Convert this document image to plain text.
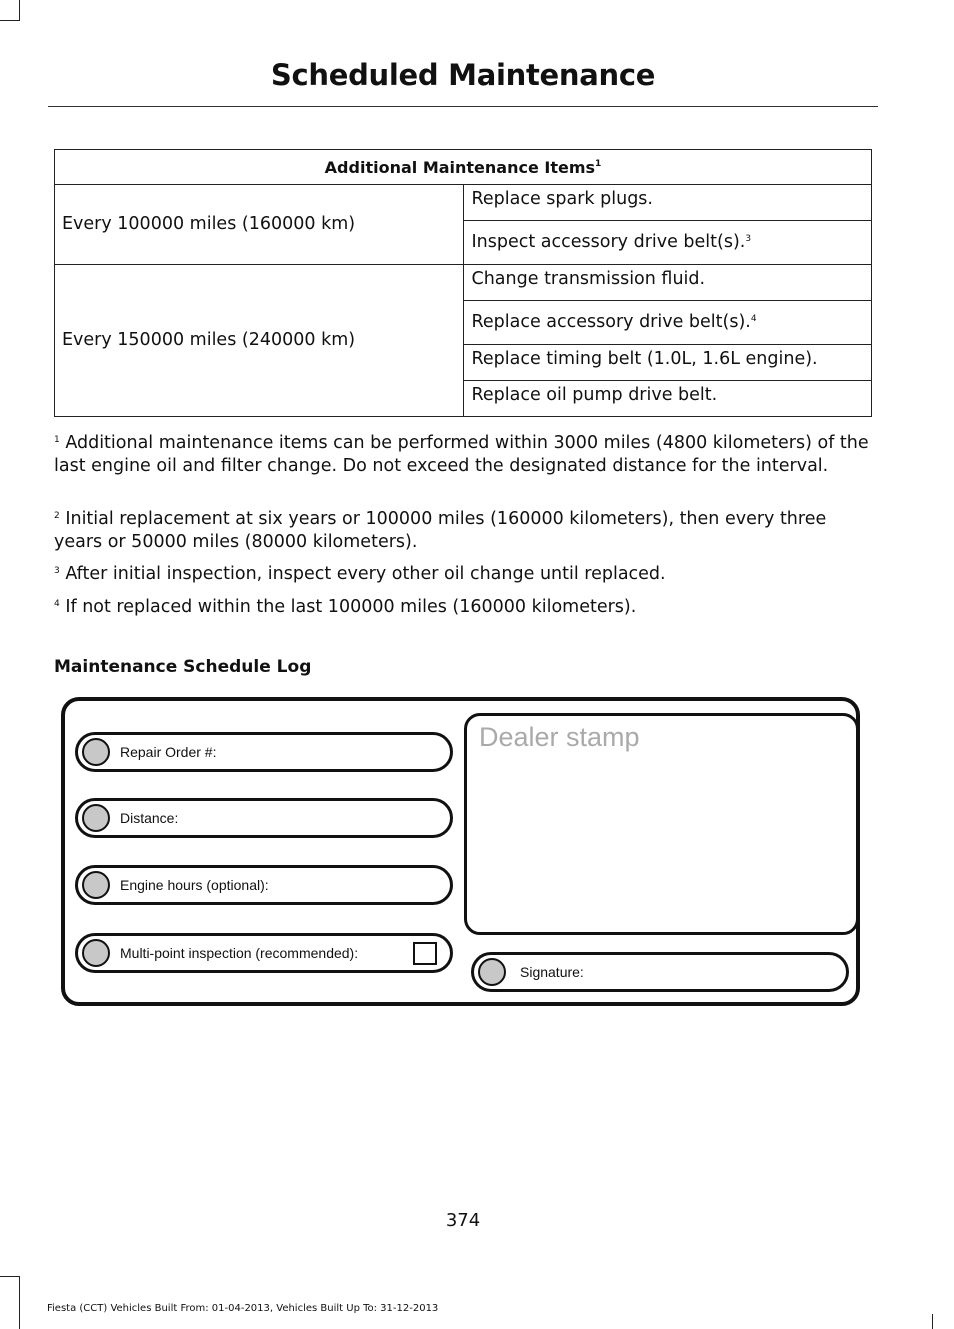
Scheduled Maintenance
Additional Maintenance Items$^1$
Every 100000 miles (160000 km)	Replace spark plugs.
	Inspect accessory drive belt(s).$^3$
Every 150000 miles (240000 km)	Change transmission fluid.
	Replace accessory drive belt(s).$^4$
	Replace timing belt (1.0L, 1.6L engine).
	Replace oil pump drive belt.
$^1$ Additional maintenance items can be performed within 3000 miles (4800 kilometers) of the last engine oil and filter change. Do not exceed the designated distance for the interval.
$^2$ Initial replacement at six years or 100000 miles (160000 kilometers), then every three years or 50000 miles (80000 kilometers).
$^3$ After initial inspection, inspect every other oil change until replaced.
$^4$ If not replaced within the last 100000 miles (160000 kilometers).
Maintenance Schedule Log
Repair Order #:
Distance:
Engine hours (optional):
Multi-point inspection (recommended):
Dealer stamp
Signature:
374
Fiesta (CCT) Vehicles Built From: 01-04-2013, Vehicles Built Up To: 31-12-2013
